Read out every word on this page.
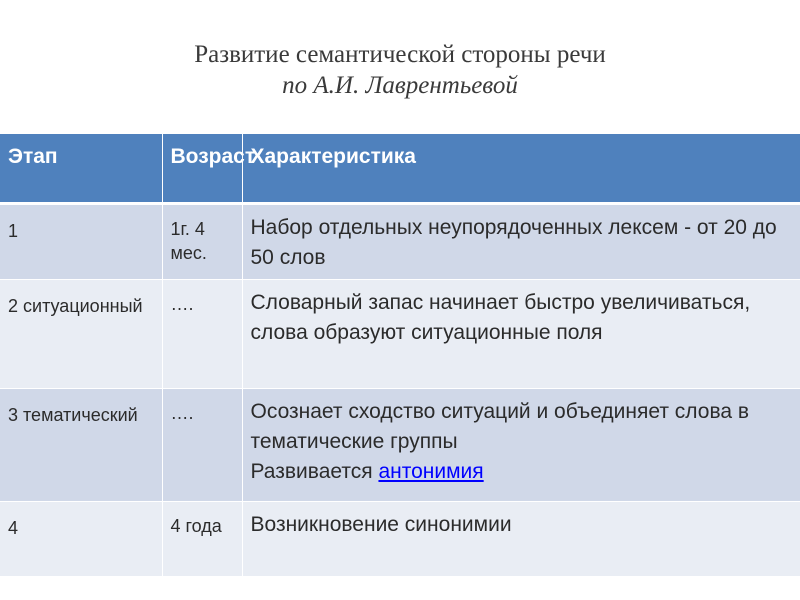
Развитие семантической стороны речи
по А.И. Лаврентьевой
Этап	Возраст	Характеристика
1	1г. 4 мес.	Набор отдельных неупорядоченных лексем - от 20 до 50 слов
2 ситуационный	….	Словарный запас начинает быстро увеличиваться, слова образуют ситуационные поля
3 тематический	….	Осознает сходство ситуаций и объединяет слова в тематические группы
Развивается антонимия

4	4 года	Возникновение синонимии
